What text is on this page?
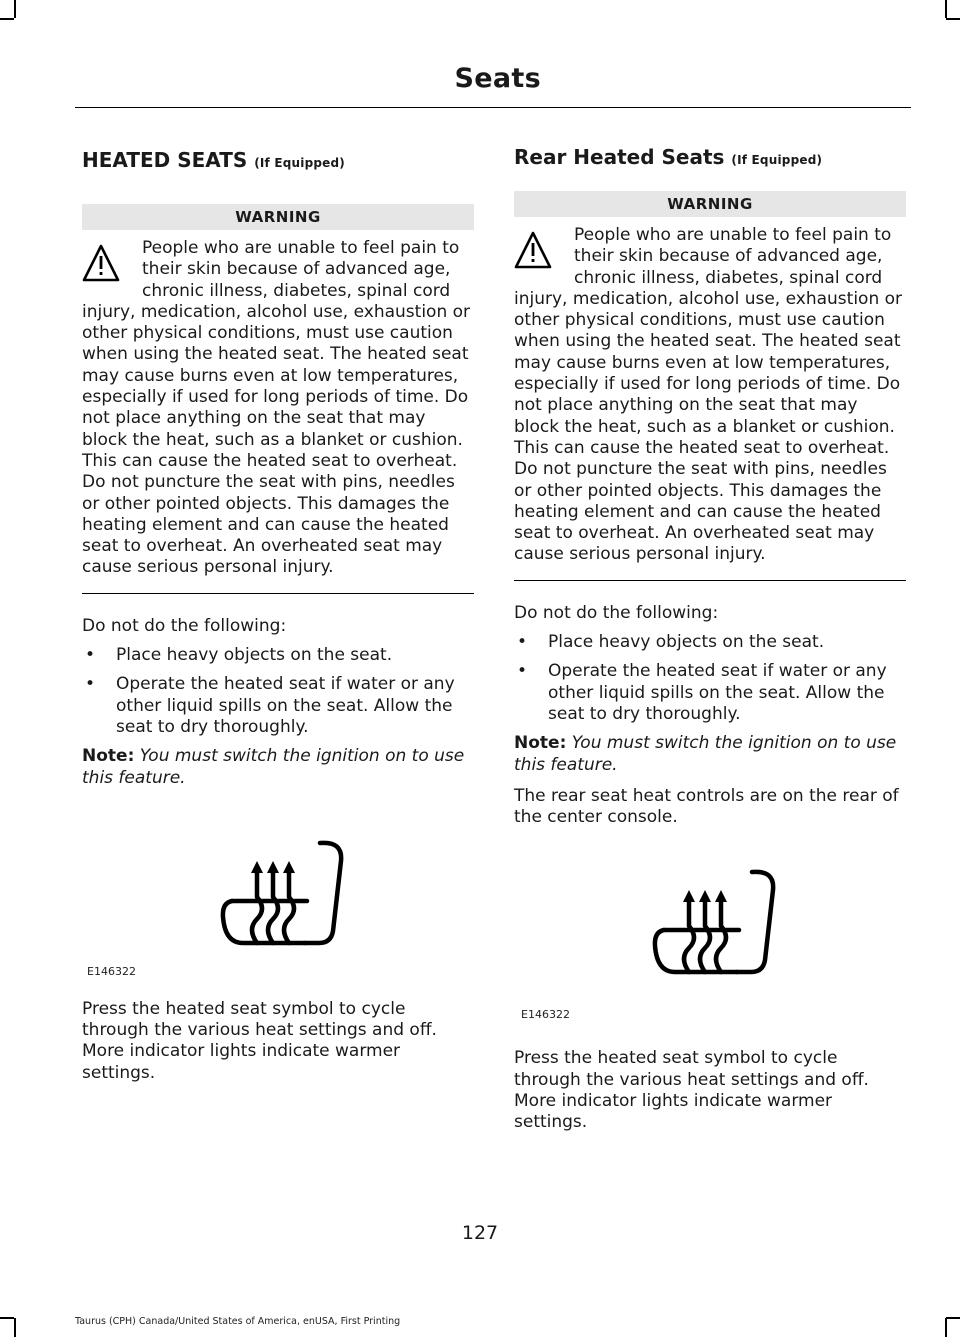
Seats
HEATED SEATS (If Equipped)
WARNING
People who are unable to feel pain to their skin because of advanced age, chronic illness, diabetes, spinal cord injury, medication, alcohol use, exhaustion or other physical conditions, must use caution when using the heated seat. The heated seat may cause burns even at low temperatures, especially if used for long periods of time. Do not place anything on the seat that may block the heat, such as a blanket or cushion. This can cause the heated seat to overheat. Do not puncture the seat with pins, needles or other pointed objects. This damages the heating element and can cause the heated seat to overheat. An overheated seat may cause serious personal injury.

Do not do the following:

• Place heavy objects on the seat.
• Operate the heated seat if water or any other liquid spills on the seat. Allow the seat to dry thoroughly.

Note: You must switch the ignition on to use this feature.

E146322

Press the heated seat symbol to cycle through the various heat settings and off. More indicator lights indicate warmer settings.

Rear Heated Seats (If Equipped)
WARNING
People who are unable to feel pain to their skin because of advanced age, chronic illness, diabetes, spinal cord injury, medication, alcohol use, exhaustion or other physical conditions, must use caution when using the heated seat. The heated seat may cause burns even at low temperatures, especially if used for long periods of time. Do not place anything on the seat that may block the heat, such as a blanket or cushion. This can cause the heated seat to overheat. Do not puncture the seat with pins, needles or other pointed objects. This damages the heating element and can cause the heated seat to overheat. An overheated seat may cause serious personal injury.

Do not do the following:

• Place heavy objects on the seat.
• Operate the heated seat if water or any other liquid spills on the seat. Allow the seat to dry thoroughly.

Note: You must switch the ignition on to use this feature.

The rear seat heat controls are on the rear of the center console.

E146322

Press the heated seat symbol to cycle through the various heat settings and off. More indicator lights indicate warmer settings.

127
Taurus (CPH) Canada/United States of America, enUSA, First Printing
